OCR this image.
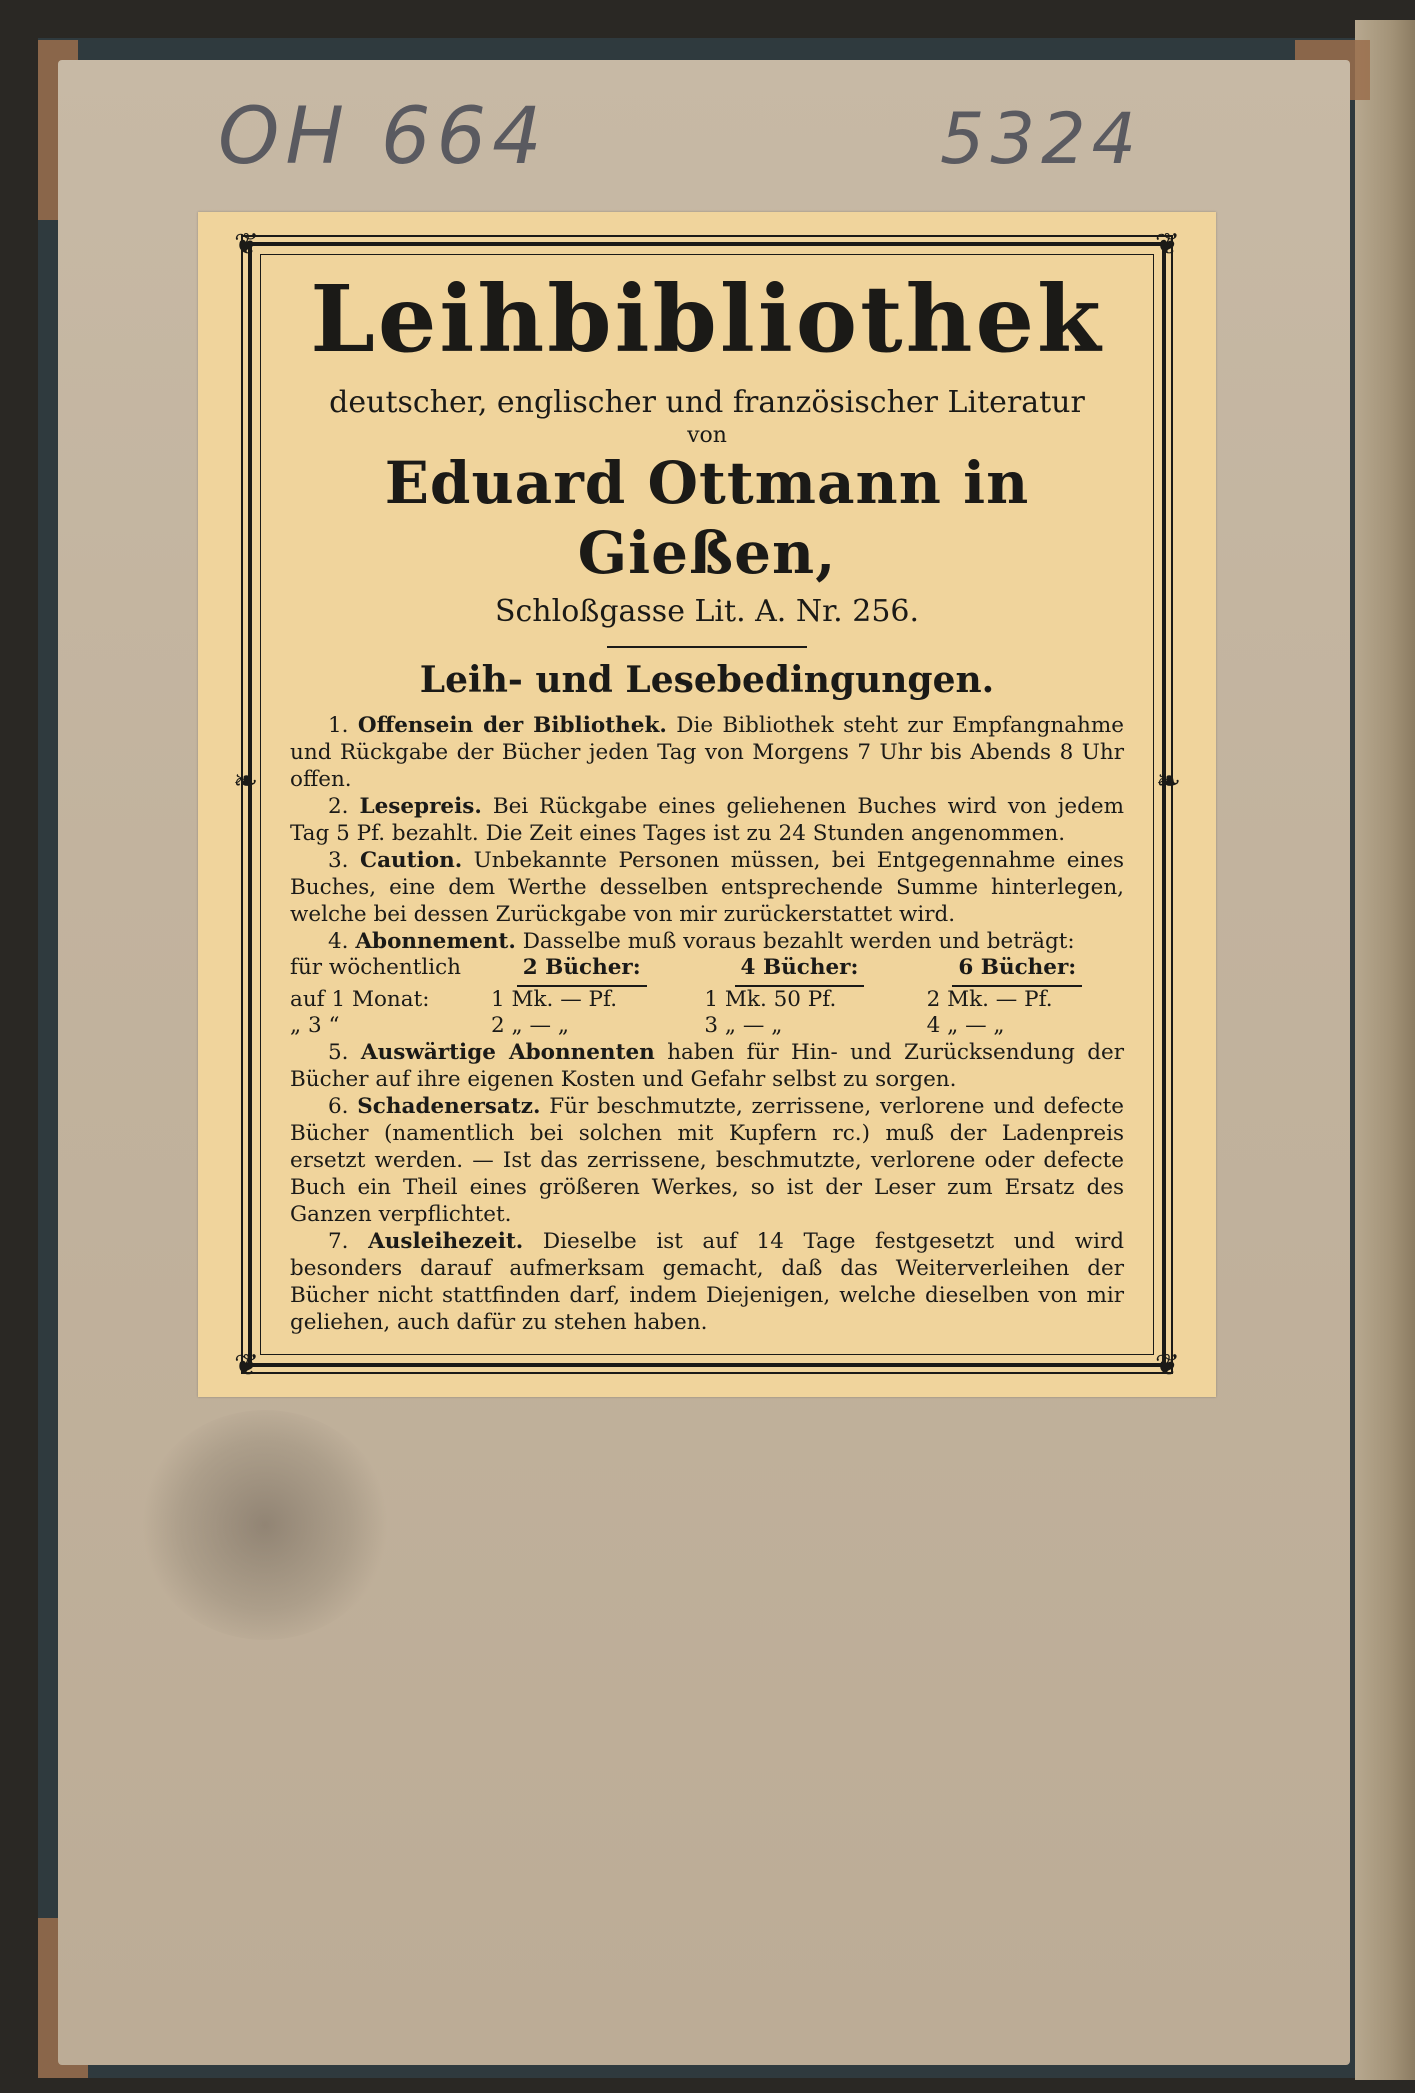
OH 664	5324
❦	❦
❦	❦
❧	❧
Leihbibliothek
deutscher, englischer und französischer Literatur
von
Eduard Ottmann in Gießen,
Schloßgasse Lit. A. Nr. 256.
Leih- und Lesebedingungen.

1. Offensein der Bibliothek. Die Bibliothek steht zur Empfangnahme und Rückgabe der Bücher jeden Tag von Morgens 7 Uhr bis Abends 8 Uhr offen.

2. Lesepreis. Bei Rückgabe eines geliehenen Buches wird von jedem Tag 5 Pf. bezahlt. Die Zeit eines Tages ist zu 24 Stunden angenommen.

3. Caution. Unbekannte Personen müssen, bei Entgegennahme eines Buches, eine dem Werthe desselben entsprechende Summe hinterlegen, welche bei dessen Zurückgabe von mir zurückerstattet wird.

4. Abonnement. Dasselbe muß voraus bezahlt werden und beträgt:

für wöchentlich	2 Bücher:	4 Bücher:	6 Bücher:
auf 1 Monat:	1 Mk. — Pf.	1 Mk. 50 Pf.	2 Mk. — Pf.
„ 3 “	2 „ — „	3 „ — „	4 „ — „

5. Auswärtige Abonnenten haben für Hin- und Zurücksendung der Bücher auf ihre eigenen Kosten und Gefahr selbst zu sorgen.

6. Schadenersatz. Für beschmutzte, zerrissene, verlorene und defecte Bücher (namentlich bei solchen mit Kupfern rc.) muß der Ladenpreis ersetzt werden. — Ist das zerrissene, beschmutzte, verlorene oder defecte Buch ein Theil eines größeren Werkes, so ist der Leser zum Ersatz des Ganzen verpflichtet.

7. Ausleihezeit. Dieselbe ist auf 14 Tage festgesetzt und wird besonders darauf aufmerksam gemacht, daß das Weiterverleihen der Bücher nicht stattfinden darf, indem Diejenigen, welche dieselben von mir geliehen, auch dafür zu stehen haben.
